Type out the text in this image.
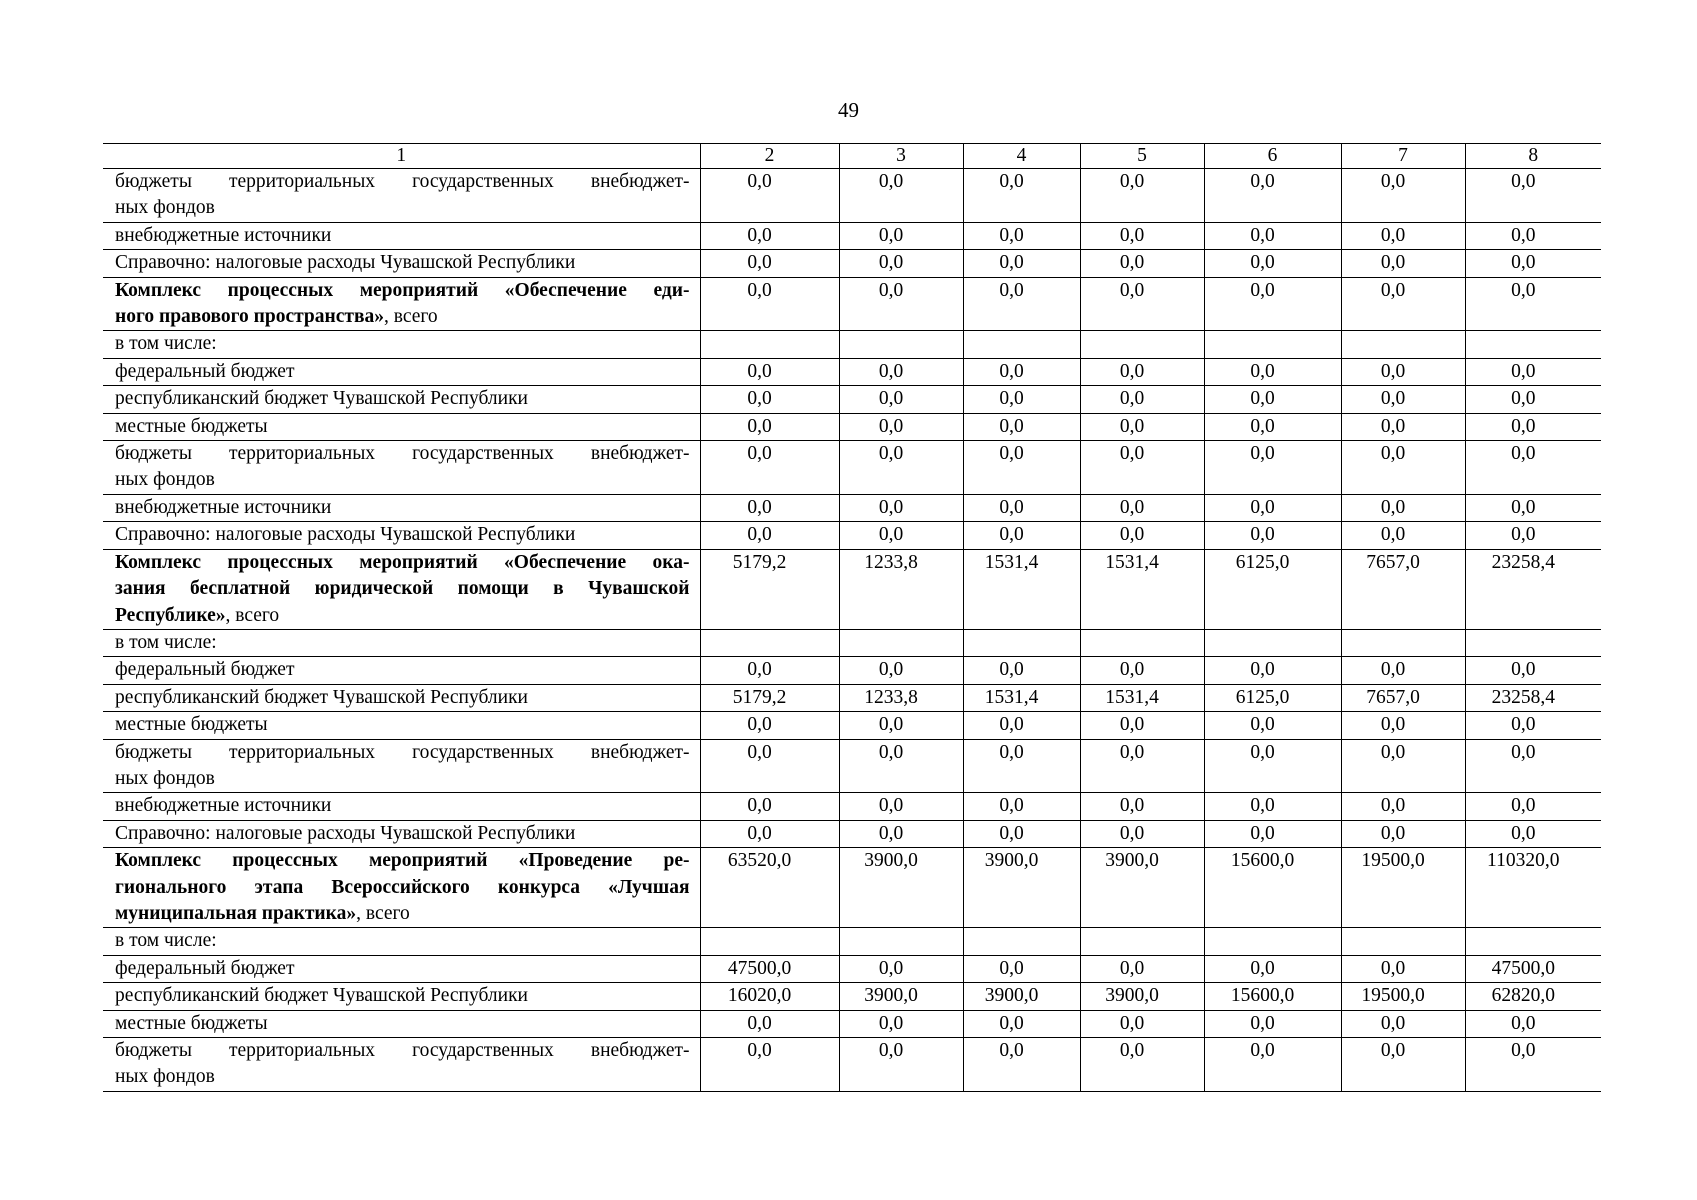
49
1	2	3	4	5	6	7	8

бюджеты территориальных государственных внебюджет-
ных фондов	0,0	0,0	0,0	0,0	0,0	0,0	0,0

внебюджетные источники	0,0	0,0	0,0	0,0	0,0	0,0	0,0

Справочно: налоговые расходы Чувашской Республики	0,0	0,0	0,0	0,0	0,0	0,0	0,0

Комплекс процессных мероприятий «Обеспечение еди-
ного правового пространства», всего	0,0	0,0	0,0	0,0	0,0	0,0	0,0

в том числе:							

федеральный бюджет	0,0	0,0	0,0	0,0	0,0	0,0	0,0

республиканский бюджет Чувашской Республики	0,0	0,0	0,0	0,0	0,0	0,0	0,0

местные бюджеты	0,0	0,0	0,0	0,0	0,0	0,0	0,0

бюджеты территориальных государственных внебюджет-
ных фондов	0,0	0,0	0,0	0,0	0,0	0,0	0,0

внебюджетные источники	0,0	0,0	0,0	0,0	0,0	0,0	0,0

Справочно: налоговые расходы Чувашской Республики	0,0	0,0	0,0	0,0	0,0	0,0	0,0

Комплекс процессных мероприятий «Обеспечение ока-
зания бесплатной юридической помощи в Чувашской
Республике», всего	5179,2	1233,8	1531,4	1531,4	6125,0	7657,0	23258,4

в том числе:							

федеральный бюджет	0,0	0,0	0,0	0,0	0,0	0,0	0,0

республиканский бюджет Чувашской Республики	5179,2	1233,8	1531,4	1531,4	6125,0	7657,0	23258,4

местные бюджеты	0,0	0,0	0,0	0,0	0,0	0,0	0,0

бюджеты территориальных государственных внебюджет-
ных фондов	0,0	0,0	0,0	0,0	0,0	0,0	0,0

внебюджетные источники	0,0	0,0	0,0	0,0	0,0	0,0	0,0

Справочно: налоговые расходы Чувашской Республики	0,0	0,0	0,0	0,0	0,0	0,0	0,0

Комплекс процессных мероприятий «Проведение ре-
гионального этапа Всероссийского конкурса «Лучшая
муниципальная практика», всего	63520,0	3900,0	3900,0	3900,0	15600,0	19500,0	110320,0

в том числе:							

федеральный бюджет	47500,0	0,0	0,0	0,0	0,0	0,0	47500,0

республиканский бюджет Чувашской Республики	16020,0	3900,0	3900,0	3900,0	15600,0	19500,0	62820,0

местные бюджеты	0,0	0,0	0,0	0,0	0,0	0,0	0,0

бюджеты территориальных государственных внебюджет-
ных фондов	0,0	0,0	0,0	0,0	0,0	0,0	0,0
